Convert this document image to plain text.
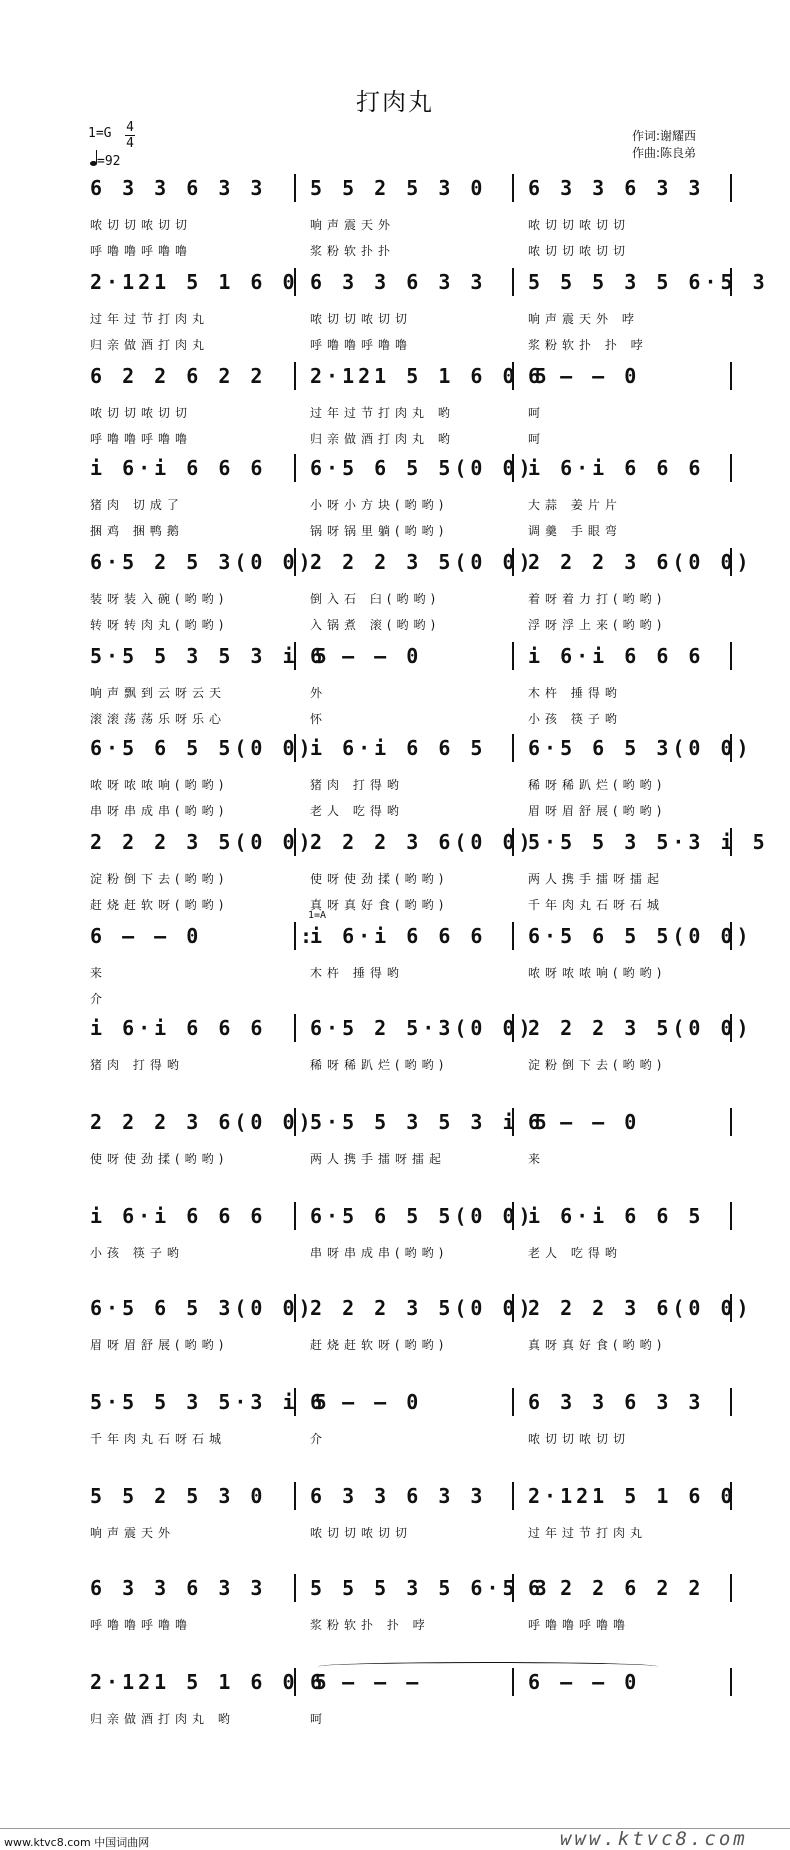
打肉丸
1=G 4
4
=92
作词:谢耀西
作曲:陈良弟
6 3 3 6 3 3
哝切切哝切切
呼噜噜呼噜噜
5 5 2 5 3 0
响声震天外
浆粉软扑扑
6 3 3 6 3 3
哝切切哝切切
哝切切哝切切
2·121 5 1 6 0
过年过节打肉丸
归亲做酒打肉丸
6 3 3 6 3 3
哝切切哝切切
呼噜噜呼噜噜
5 5 5 3 5 6·5 3
响声震天外 哱
浆粉软扑 扑 哱
6 2 2 6 2 2
哝切切哝切切
呼噜噜呼噜噜
2·121 5 1 6 0 5
过年过节打肉丸 哟
归亲做酒打肉丸 哟
6 – – 0
呵
呵
i 6·i 6 6 6
猪肉 切成了
捆鸡 捆鸭鹅
6·5 6 5 5(0 0)
小呀小方块(哟哟)
锅呀锅里躺(哟哟)
i 6·i 6 6 6
大蒜 姜片片
调羹 手眼弯
6·5 2 5 3(0 0)
装呀装入碗(哟哟)
转呀转肉丸(哟哟)
2 2 2 3 5(0 0)
倒入石 臼(哟哟)
入锅煮 滚(哟哟)
2 2 2 3 6(0 0)
着呀着力打(哟哟)
浮呀浮上来(哟哟)
5·5 5 3 5 3 i 5
响声飘到云呀云天
滚滚荡荡乐呀乐心
6 – – 0
外
怀
i 6·i 6 6 6
木杵 捶得哟
小孩 筷子哟
6·5 6 5 5(0 0)
哝呀哝哝响(哟哟)
串呀串成串(哟哟)
i 6·i 6 6 5
猪肉 打得哟
老人 吃得哟
6·5 6 5 3(0 0)
稀呀稀趴烂(哟哟)
眉呀眉舒展(哟哟)
2 2 2 3 5(0 0)
淀粉倒下去(哟哟)
赶烧赶软呀(哟哟)
2 2 2 3 6(0 0)
使呀使劲揉(哟哟)
真呀真好食(哟哟)
5·5 5 3 5·3 i 5
两人携手擂呀擂起
千年肉丸石呀石城
6 – – 0
来
介
i 6·i 6 6 6
木杵 捶得哟
6·5 6 5 5(0 0)
哝呀哝哝响(哟哟)
:
i 6·i 6 6 6
猪肉 打得哟
6·5 2 5·3(0 0)
稀呀稀趴烂(哟哟)
2 2 2 3 5(0 0)
淀粉倒下去(哟哟)
2 2 2 3 6(0 0)
使呀使劲揉(哟哟)
5·5 5 3 5 3 i 5
两人携手擂呀擂起
6 – – 0
来
i 6·i 6 6 6
小孩 筷子哟
6·5 6 5 5(0 0)
串呀串成串(哟哟)
i 6·i 6 6 5
老人 吃得哟
6·5 6 5 3(0 0)
眉呀眉舒展(哟哟)
2 2 2 3 5(0 0)
赶烧赶软呀(哟哟)
2 2 2 3 6(0 0)
真呀真好食(哟哟)
5·5 5 3 5·3 i 5
千年肉丸石呀石城
6 – – 0
介
6 3 3 6 3 3
哝切切哝切切
5 5 2 5 3 0
响声震天外
6 3 3 6 3 3
哝切切哝切切
2·121 5 1 6 0
过年过节打肉丸
6 3 3 6 3 3
呼噜噜呼噜噜
5 5 5 3 5 6·5 3
浆粉软扑 扑 哱
6 2 2 6 2 2
呼噜噜呼噜噜
2·121 5 1 6 0 5
归亲做酒打肉丸 哟
6 – – –
呵
6 – – 0
1=A
www.ktvc8.com 中国词曲网	www.ktvc8.com
